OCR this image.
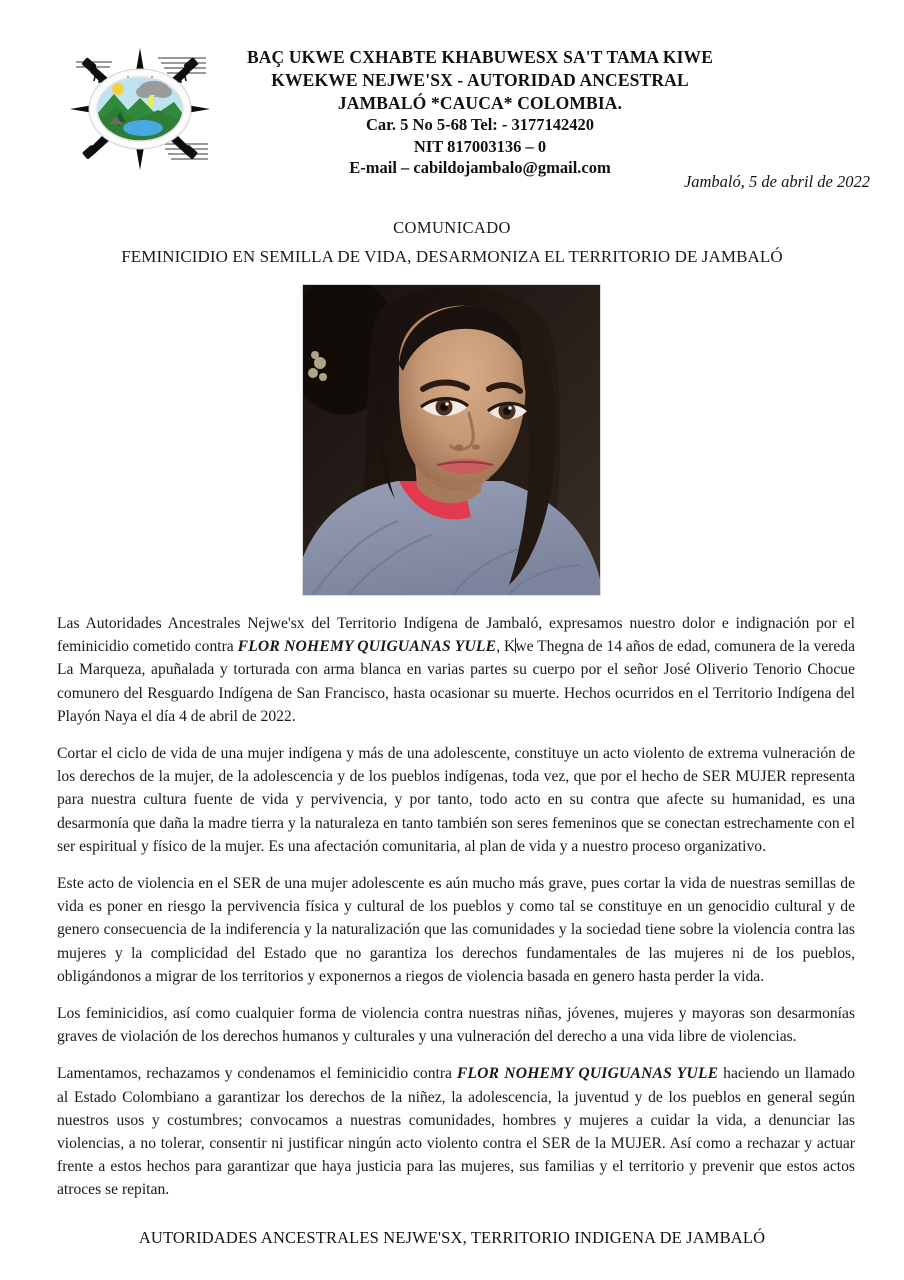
BAÇ UKWE CXHABTE KHABUWESX SA'T TAMA KIWE
KWEKWE NEJWE'SX - AUTORIDAD ANCESTRAL
JAMBALÓ *CAUCA* COLOMBIA.
Car. 5 No 5-68 Tel: - 3177142420
NIT 817003136 – 0
E-mail – cabildojambalo@gmail.com
Jambaló, 5 de abril de 2022
COMUNICADO
FEMINICIDIO EN SEMILLA DE VIDA, DESARMONIZA EL TERRITORIO DE JAMBALÓ

Las Autoridades Ancestrales Nejwe'sx del Territorio Indígena de Jambaló, expresamos nuestro dolor e indignación por el feminicidio cometido contra FLOR NOHEMY QUIGUANAS YULE, Kwe Thegna de 14 años de edad, comunera de la vereda La Marqueza, apuñalada y torturada con arma blanca en varias partes su cuerpo por el señor José Oliverio Tenorio Chocue comunero del Resguardo Indígena de San Francisco, hasta ocasionar su muerte. Hechos ocurridos en el Territorio Indígena del Playón Naya el día 4 de abril de 2022.

Cortar el ciclo de vida de una mujer indígena y más de una adolescente, constituye un acto violento de extrema vulneración de los derechos de la mujer, de la adolescencia y de los pueblos indígenas, toda vez, que por el hecho de SER MUJER representa para nuestra cultura fuente de vida y pervivencia, y por tanto, todo acto en su contra que afecte su humanidad, es una desarmonía que daña la madre tierra y la naturaleza en tanto también son seres femeninos que se conectan estrechamente con el ser espiritual y físico de la mujer. Es una afectación comunitaria, al plan de vida y a nuestro proceso organizativo.

Este acto de violencia en el SER de una mujer adolescente es aún mucho más grave, pues cortar la vida de nuestras semillas de vida es poner en riesgo la pervivencia física y cultural de los pueblos y como tal se constituye en un genocidio cultural y de genero consecuencia de la indiferencia y la naturalización que las comunidades y la sociedad tiene sobre la violencia contra las mujeres y la complicidad del Estado que no garantiza los derechos fundamentales de las mujeres ni de los pueblos, obligándonos a migrar de los territorios y exponernos a riegos de violencia basada en genero hasta perder la vida.

Los feminicidios, así como cualquier forma de violencia contra nuestras niñas, jóvenes, mujeres y mayoras son desarmonías graves de violación de los derechos humanos y culturales y una vulneración del derecho a una vida libre de violencias.

Lamentamos, rechazamos y condenamos el feminicidio contra FLOR NOHEMY QUIGUANAS YULE haciendo un llamado al Estado Colombiano a garantizar los derechos de la niñez, la adolescencia, la juventud y de los pueblos en general según nuestros usos y costumbres; convocamos a nuestras comunidades, hombres y mujeres a cuidar la vida, a denunciar las violencias, a no tolerar, consentir ni justificar ningún acto violento contra el SER de la MUJER. Así como a rechazar y actuar frente a estos hechos para garantizar que haya justicia para las mujeres, sus familias y el territorio y prevenir que estos actos atroces se repitan.

AUTORIDADES ANCESTRALES NEJWE'SX, TERRITORIO INDIGENA DE JAMBALÓ
